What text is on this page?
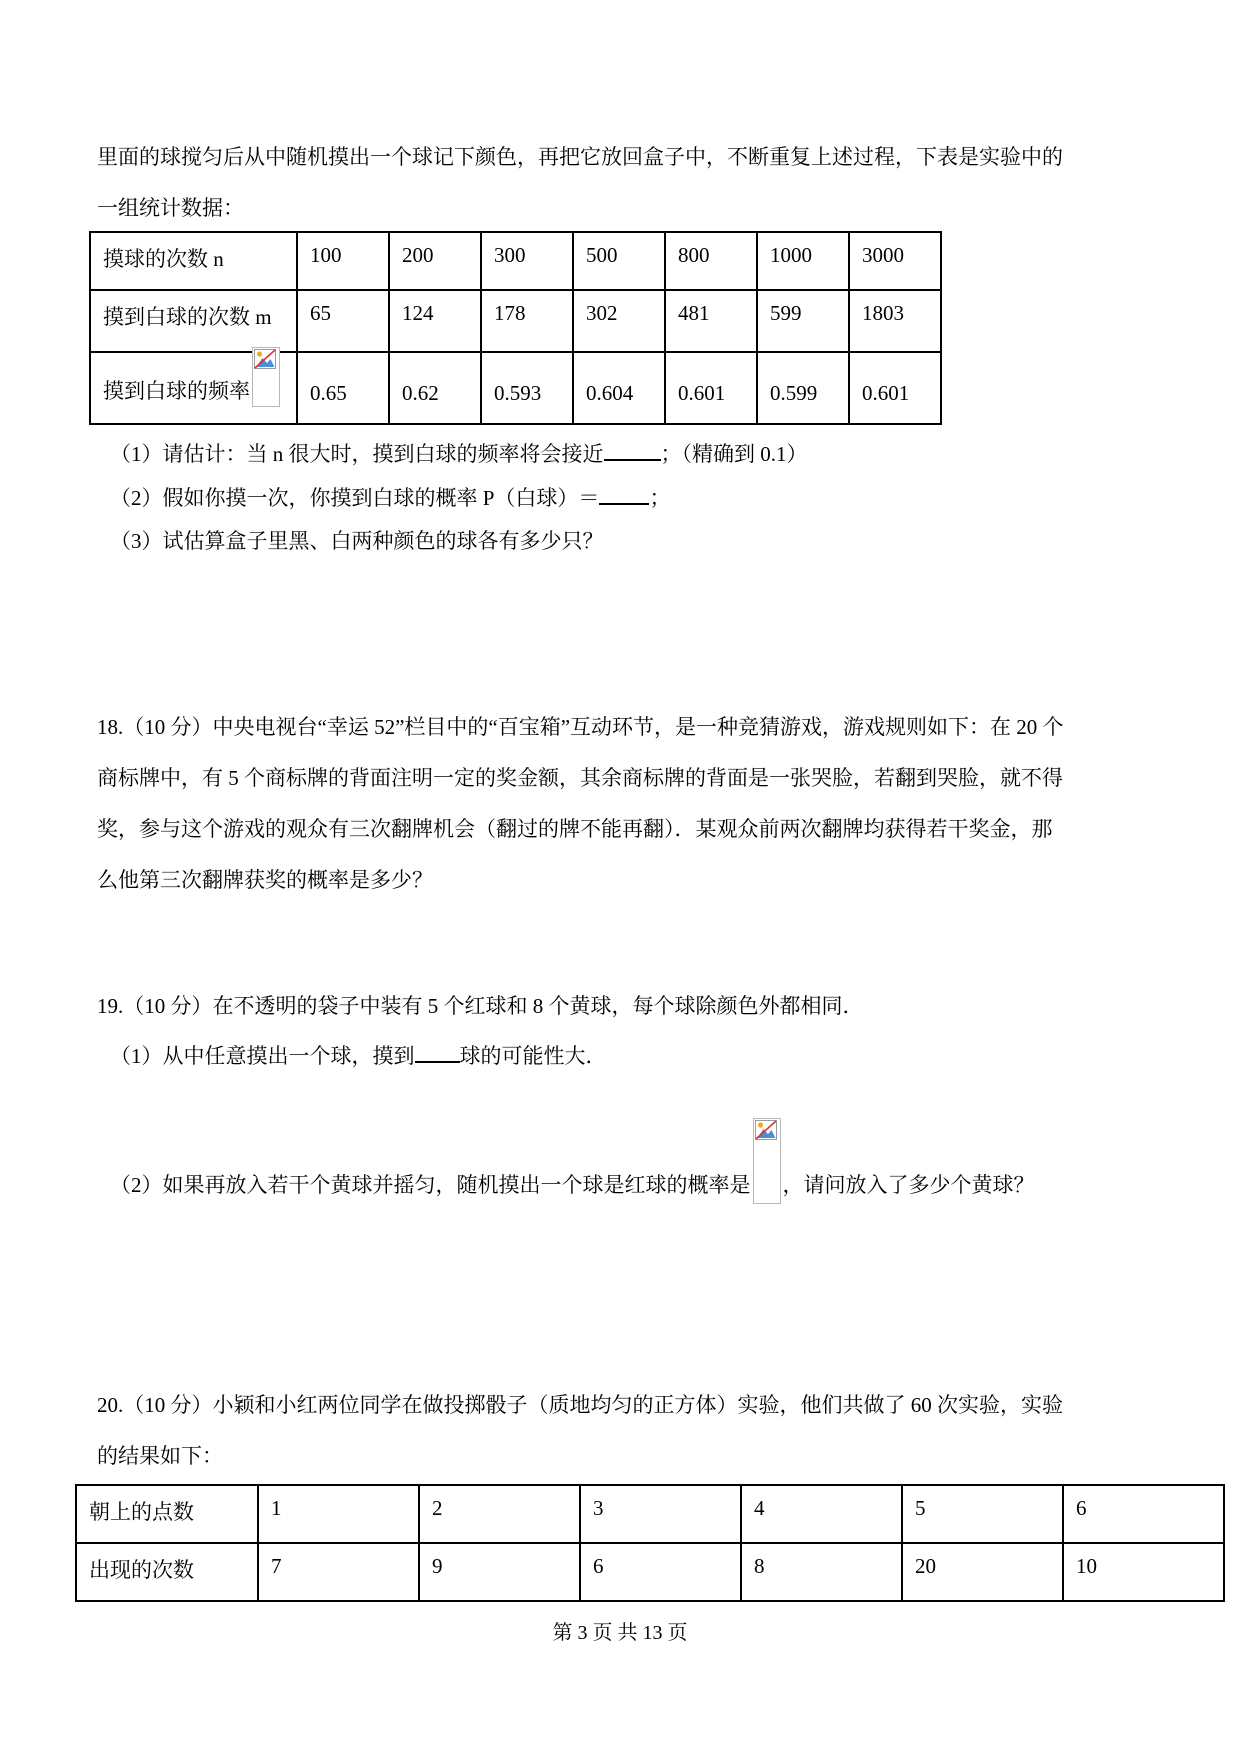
里面的球搅匀后从中随机摸出一个球记下颜色，再把它放回盒子中，不断重复上述过程，下表是实验中的
一组统计数据：
摸球的次数 n	100	200	300	500	800	1000	3000
摸到白球的次数 m	65	124	178	302	481	599	1803
摸到白球的频率	0.65	0.62	0.593	0.604	0.601	0.599	0.601
（1）请估计：当 n 很大时，摸到白球的频率将会接近	；（精确到 0.1）
（2）假如你摸一次，你摸到白球的概率 P（白球）＝ ；
（3）试估算盒子里黑、白两种颜色的球各有多少只？
18.（10 分）中央电视台“幸运 52”栏目中的“百宝箱”互动环节，是一种竞猜游戏，游戏规则如下：在 20 个
商标牌中，有 5 个商标牌的背面注明一定的奖金额，其余商标牌的背面是一张哭脸，若翻到哭脸，就不得
奖，参与这个游戏的观众有三次翻牌机会（翻过的牌不能再翻）．某观众前两次翻牌均获得若干奖金，那
么他第三次翻牌获奖的概率是多少？
19.（10 分）在不透明的袋子中装有 5 个红球和 8 个黄球，每个球除颜色外都相同．
（1）从中任意摸出一个球，摸到 球的可能性大．
（2）如果再放入若干个黄球并摇匀，随机摸出一个球是红球的概率是 ，请问放入了多少个黄球？
20.（10 分）小颖和小红两位同学在做投掷骰子（质地均匀的正方体）实验，他们共做了 60 次实验，实验
的结果如下：
朝上的点数	1	2	3	4	5	6
出现的次数	7	9	6	8	20	10
第 3 页 共 13 页
